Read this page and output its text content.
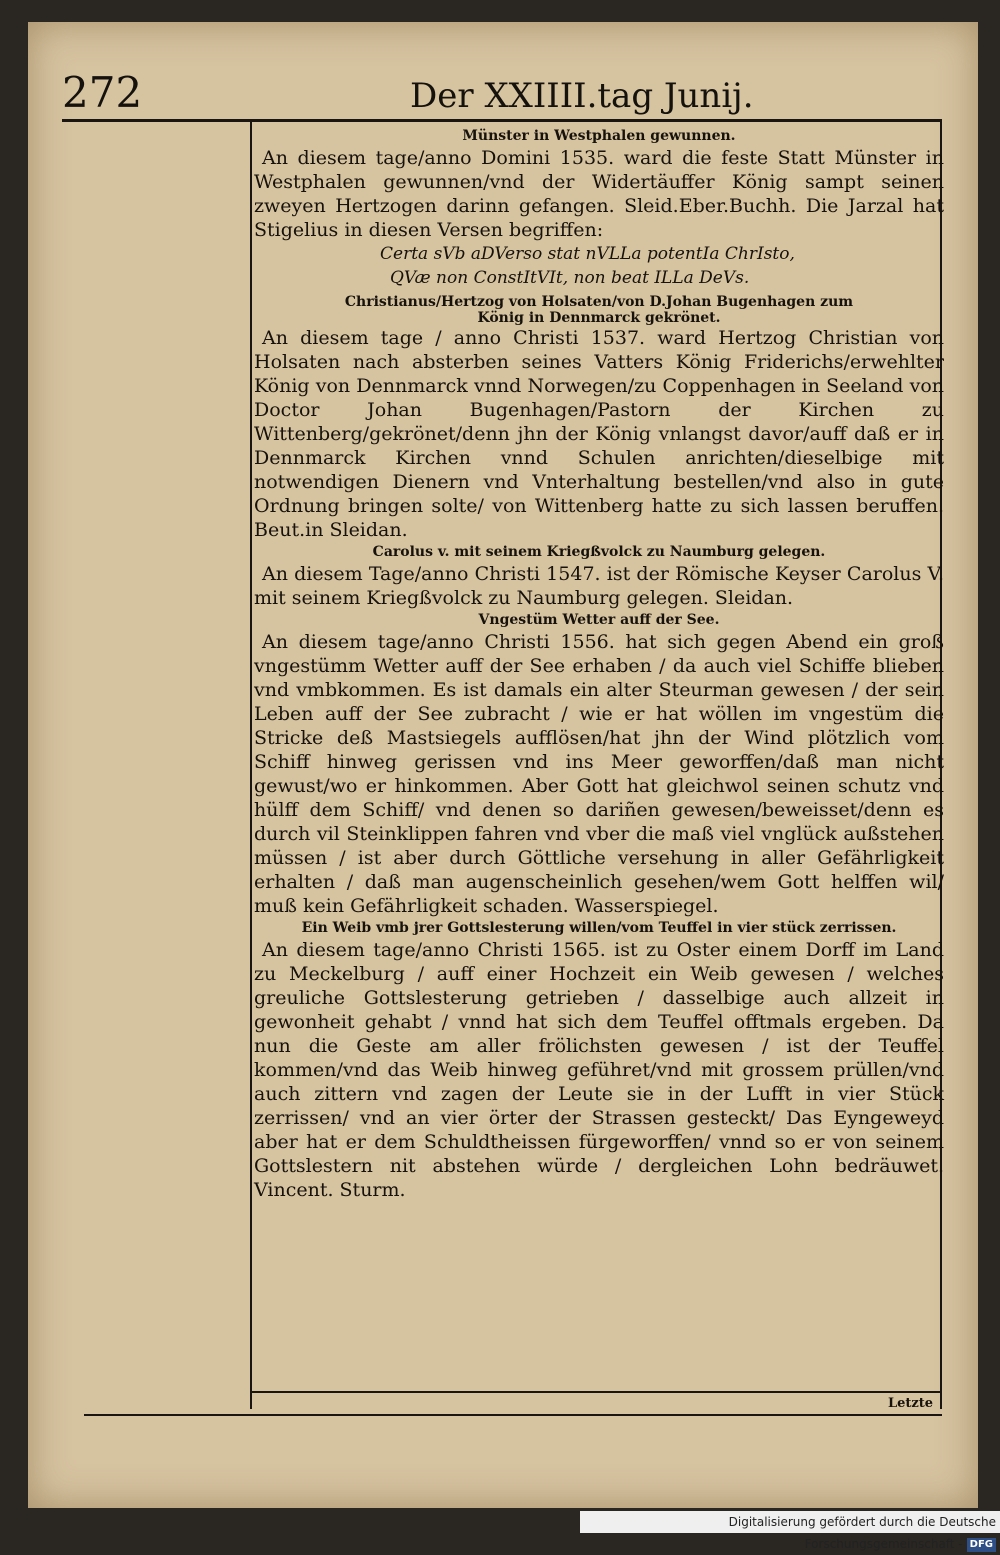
272	Der XXIIII.tag Junij.

Münster in Westphalen gewunnen.

An diesem tage/anno Domini 1535. ward die feste Statt Münster in Westphalen gewunnen/vnd der Widertäuffer König sampt seinen zweyen Hertzogen darinn gefangen. Sleid.Eber.Buchh. Die Jarzal hat Stigelius in diesen Versen begriffen:

Certa sVb aDVerso stat nVLLa potentIa ChrIsto,

QVæ non ConstItVIt, non beat ILLa DeVs.

Christianus/Hertzog von Holsaten/von D.Johan Bugenhagen zum

König in Dennmarck gekrönet.

An diesem tage / anno Christi 1537. ward Hertzog Christian von Holsaten nach absterben seines Vatters König Friderichs/erwehlter König von Dennmarck vnnd Norwegen/zu Coppenhagen in Seeland von Doctor Johan Bugenhagen/Pastorn der Kirchen zu Wittenberg/gekrönet/denn jhn der König vnlangst davor/auff daß er in Dennmarck Kirchen vnnd Schulen anrichten/dieselbige mit notwendigen Dienern vnd Vnterhaltung bestellen/vnd also in gute Ordnung bringen solte/ von Wittenberg hatte zu sich lassen beruffen. Beut.in Sleidan.

Carolus v. mit seinem Kriegßvolck zu Naumburg gelegen.

An diesem Tage/anno Christi 1547. ist der Römische Keyser Carolus V. mit seinem Kriegßvolck zu Naumburg gelegen. Sleidan.

Vngestüm Wetter auff der See.

An diesem tage/anno Christi 1556. hat sich gegen Abend ein groß vngestümm Wetter auff der See erhaben / da auch viel Schiffe blieben vnd vmbkommen. Es ist damals ein alter Steurman gewesen / der sein Leben auff der See zubracht / wie er hat wöllen im vngestüm die Stricke deß Mastsiegels aufflösen/hat jhn der Wind plötzlich vom Schiff hinweg gerissen vnd ins Meer geworffen/daß man nicht gewust/wo er hinkommen. Aber Gott hat gleichwol seinen schutz vnd hülff dem Schiff/ vnd denen so dariñen gewesen/beweisset/denn es durch vil Steinklippen fahren vnd vber die maß viel vnglück außstehen müssen / ist aber durch Göttliche versehung in aller Gefährligkeit erhalten / daß man augenscheinlich gesehen/wem Gott helffen wil/ muß kein Gefährligkeit schaden. Wasserspiegel.

Ein Weib vmb jrer Gottslesterung willen/vom Teuffel in vier stück zerrissen.

An diesem tage/anno Christi 1565. ist zu Oster einem Dorff im Land zu Meckelburg / auff einer Hochzeit ein Weib gewesen / welches greuliche Gottslesterung getrieben / dasselbige auch allzeit in gewonheit gehabt / vnnd hat sich dem Teuffel offtmals ergeben. Da nun die Geste am aller frölichsten gewesen / ist der Teuffel kommen/vnd das Weib hinweg geführet/vnd mit grossem prüllen/vnd auch zittern vnd zagen der Leute sie in der Lufft in vier Stück zerrissen/ vnd an vier örter der Strassen gesteckt/ Das Eyngeweyd aber hat er dem Schuldtheissen fürgeworffen/ vnnd so er von seinem Gottslestern nit abstehen würde / dergleichen Lohn bedräuwet. Vincent. Sturm.

Letzte
Digitalisierung gefördert durch die Deutsche Forschungsgemeinschaft - DFG
